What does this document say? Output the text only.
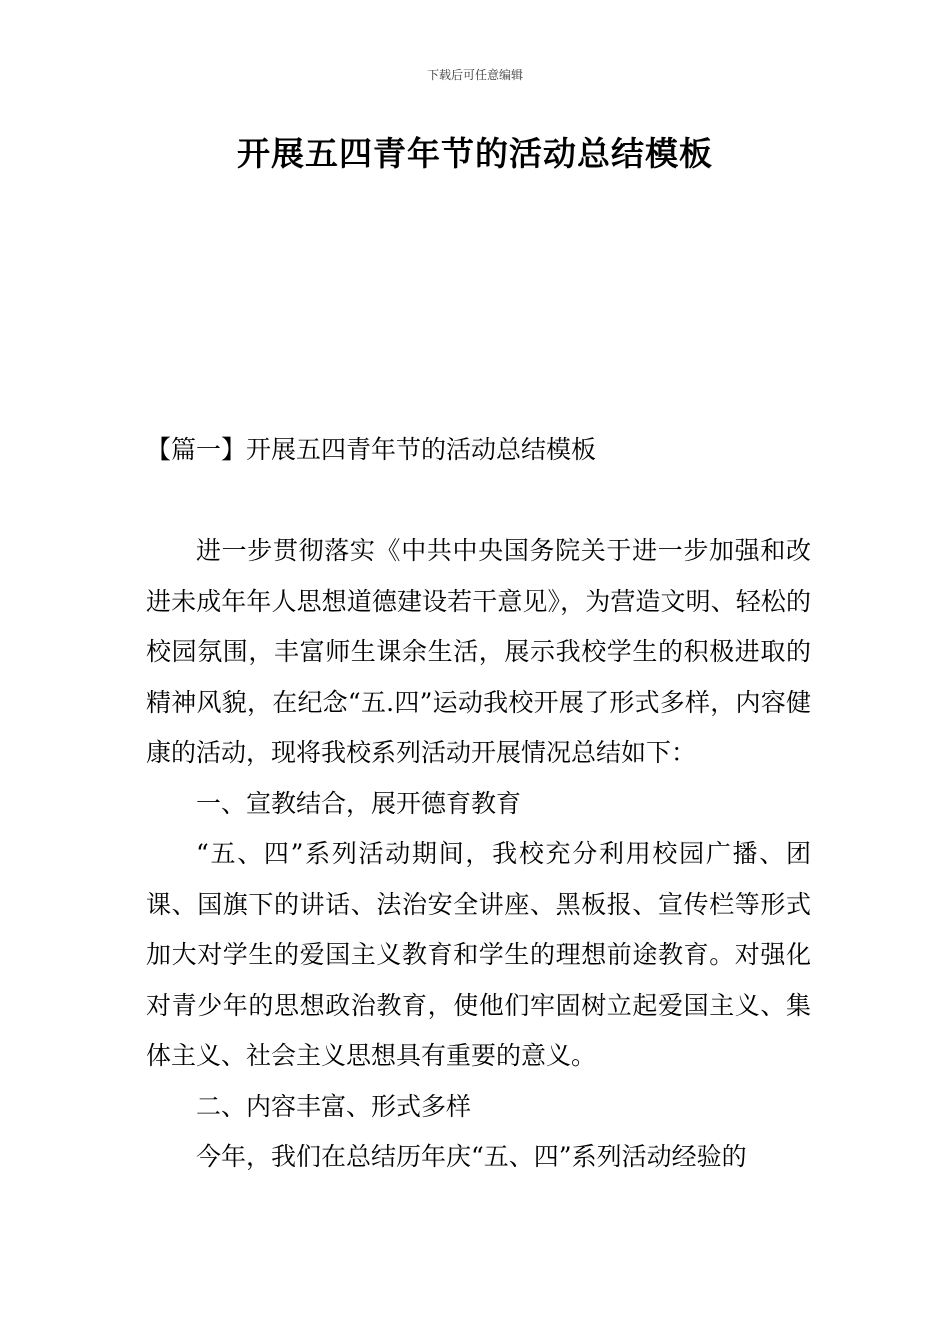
下载后可任意编辑
开展五四青年节的活动总结模板
【篇一】开展五四青年节的活动总结模板

进一步贯彻落实《中共中央国务院关于进一步加强和改进未成年年人思想道德建设若干意见》，为营造文明、轻松的校园氛围，丰富师生课余生活，展示我校学生的积极进取的精神风貌，在纪念“五.四”运动我校开展了形式多样，内容健康的活动，现将我校系列活动开展情况总结如下：

一、宣教结合，展开德育教育

“五、四”系列活动期间，我校充分利用校园广播、团课、国旗下的讲话、法治安全讲座、黑板报、宣传栏等形式加大对学生的爱国主义教育和学生的理想前途教育。对强化对青少年的思想政治教育，使他们牢固树立起爱国主义、集体主义、社会主义思想具有重要的意义。

二、内容丰富、形式多样

今年，我们在总结历年庆“五、四”系列活动经验的
